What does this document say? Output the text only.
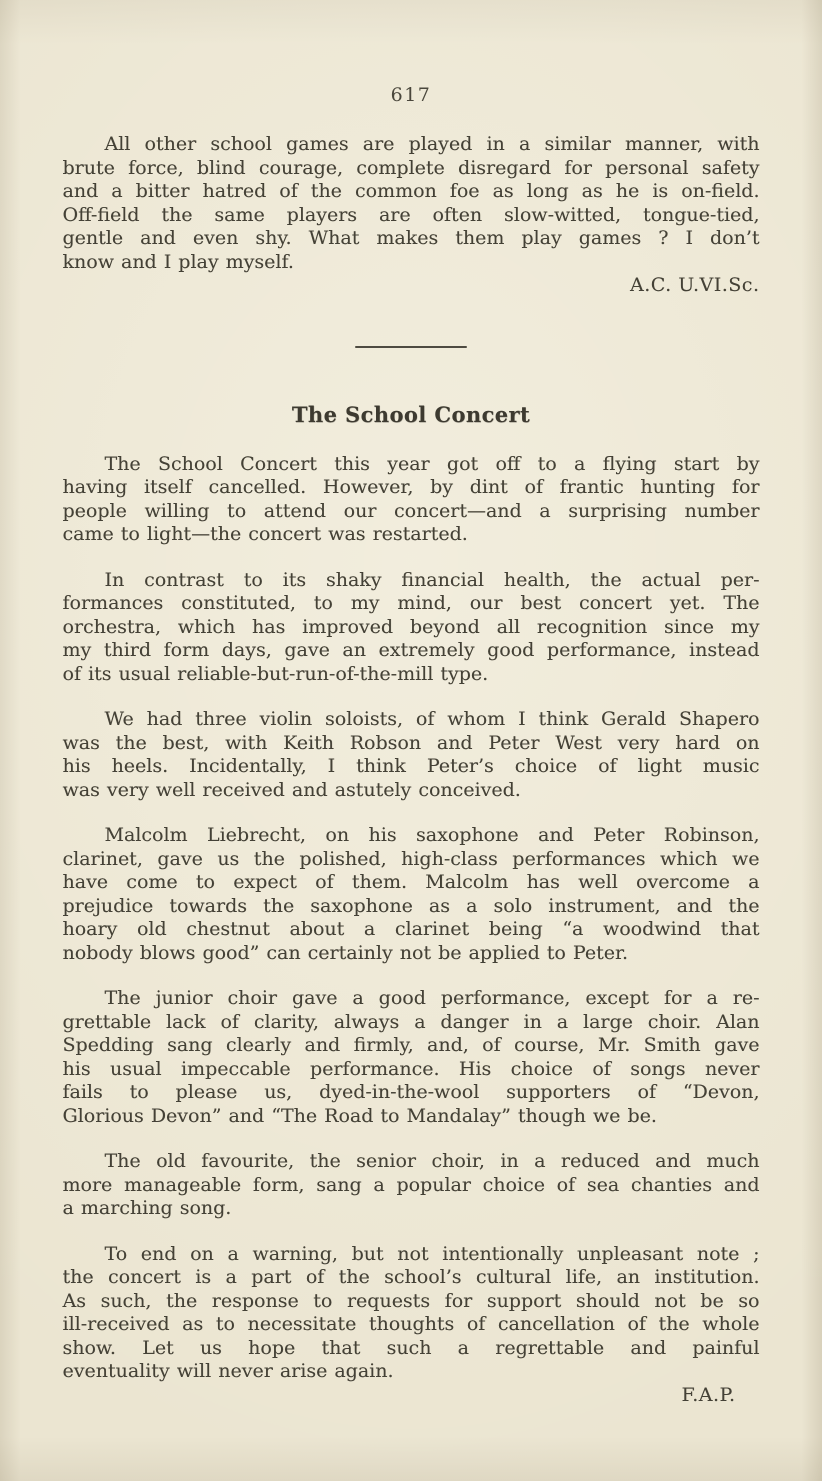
617
All other school games are played in a similar manner, with
brute force, blind courage, complete disregard for personal safety
and a bitter hatred of the common foe as long as he is on-field.
Off-field the same players are often slow-witted, tongue-tied,
gentle and even shy. What makes them play games ? I don’t
know and I play myself.
A.C. U.VI.Sc.
The School Concert
The School Concert this year got off to a flying start by
having itself cancelled. However, by dint of frantic hunting for
people willing to attend our concert—and a surprising number
came to light—the concert was restarted.
In contrast to its shaky financial health, the actual per-
formances constituted, to my mind, our best concert yet. The
orchestra, which has improved beyond all recognition since my
my third form days, gave an extremely good performance, instead
of its usual reliable-but-run-of-the-mill type.
We had three violin soloists, of whom I think Gerald Shapero
was the best, with Keith Robson and Peter West very hard on
his heels. Incidentally, I think Peter’s choice of light music
was very well received and astutely conceived.
Malcolm Liebrecht, on his saxophone and Peter Robinson,
clarinet, gave us the polished, high-class performances which we
have come to expect of them. Malcolm has well overcome a
prejudice towards the saxophone as a solo instrument, and the
hoary old chestnut about a clarinet being “a woodwind that
nobody blows good” can certainly not be applied to Peter.
The junior choir gave a good performance, except for a re-
grettable lack of clarity, always a danger in a large choir. Alan
Spedding sang clearly and firmly, and, of course, Mr. Smith gave
his usual impeccable performance. His choice of songs never
fails to please us, dyed-in-the-wool supporters of “Devon,
Glorious Devon” and “The Road to Mandalay” though we be.
The old favourite, the senior choir, in a reduced and much
more manageable form, sang a popular choice of sea chanties and
a marching song.
To end on a warning, but not intentionally unpleasant note ;
the concert is a part of the school’s cultural life, an institution.
As such, the response to requests for support should not be so
ill-received as to necessitate thoughts of cancellation of the whole
show. Let us hope that such a regrettable and painful
eventuality will never arise again.
F.A.P.
